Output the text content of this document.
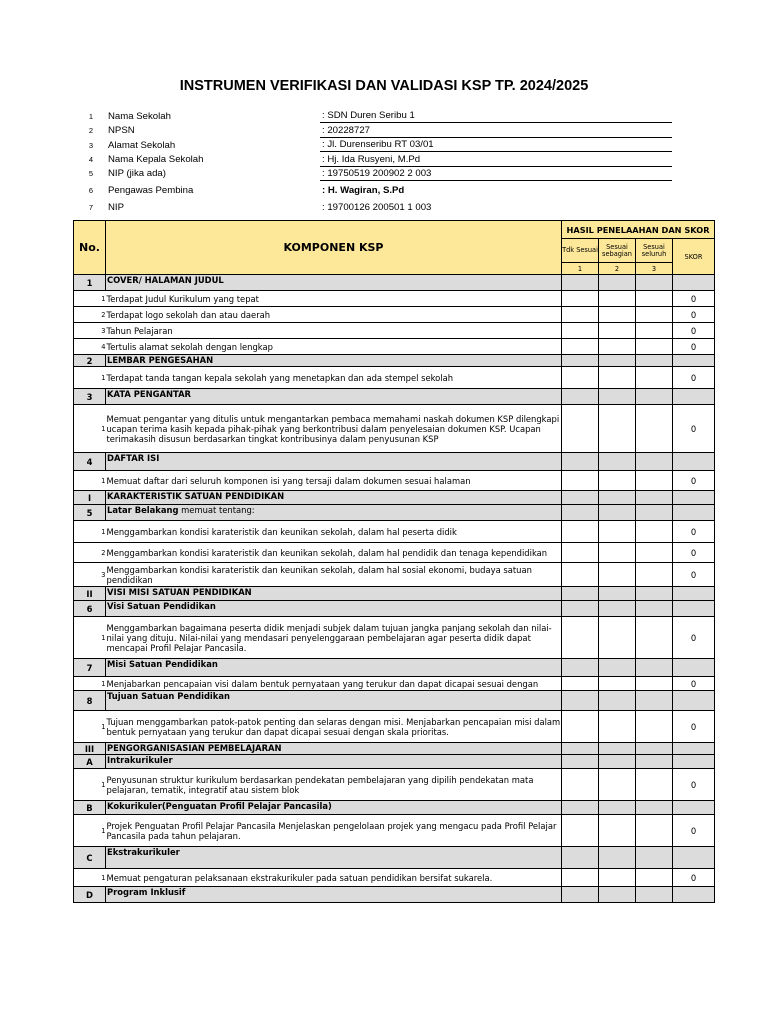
INSTRUMEN VERIFIKASI DAN VALIDASI KSP TP. 2024/2025
1	Nama Sekolah	: SDN Duren Seribu 1
2	NPSN	: 20228727
3	Alamat Sekolah	: Jl. Durenseribu RT 03/01
4	Nama Kepala Sekolah	: Hj. Ida Rusyeni, M.Pd
5	NIP (jika ada)	: 19750519 200902 2 003
6	Pengawas Pembina	: H. Wagiran, S.Pd
7	NIP	: 19700126 200501 1 003
No.	KOMPONEN KSP	HASIL PENELAAHAN DAN SKOR			
		Tdk Sesuai	Sesuai sebagian	Sesuai seluruh	SKOR
		1	2	3	
1	COVER/ HALAMAN JUDUL				
1	Terdapat Judul Kurikulum yang tepat				0
2	Terdapat logo sekolah dan atau daerah				0
3	Tahun Pelajaran				0
4	Tertulis alamat sekolah dengan lengkap				0
2	LEMBAR PENGESAHAN				
1	Terdapat tanda tangan kepala sekolah yang menetapkan dan ada stempel sekolah				0
3	KATA PENGANTAR				
1	Memuat pengantar yang ditulis untuk mengantarkan pembaca memahami naskah dokumen KSP dilengkapi ucapan terima kasih kepada pihak-pihak yang berkontribusi dalam penyelesaian dokumen KSP. Ucapan terimakasih disusun berdasarkan tingkat kontribusinya dalam penyusunan KSP				0
4	DAFTAR ISI				
1	Memuat daftar dari seluruh komponen isi yang tersaji dalam dokumen sesuai halaman				0
I	KARAKTERISTIK SATUAN PENDIDIKAN				
5	Latar Belakang memuat tentang:				
1	Menggambarkan kondisi karateristik dan keunikan sekolah, dalam hal peserta didik				0
2	Menggambarkan kondisi karateristik dan keunikan sekolah, dalam hal pendidik dan tenaga kependidikan				0
3	Menggambarkan kondisi karateristik dan keunikan sekolah, dalam hal sosial ekonomi, budaya satuan pendidikan				0
II	VISI MISI SATUAN PENDIDIKAN				
6	Visi Satuan Pendidikan				
1	Menggambarkan bagaimana peserta didik menjadi subjek dalam tujuan jangka panjang sekolah dan nilai-nilai yang dituju. Nilai-nilai yang mendasari penyelenggaraan pembelajaran agar peserta didik dapat mencapai Profil Pelajar Pancasila.				0
7	Misi Satuan Pendidikan				
1	Menjabarkan pencapaian visi dalam bentuk pernyataan yang terukur dan dapat dicapai sesuai dengan				0
8	Tujuan Satuan Pendidikan				
1	Tujuan menggambarkan patok-patok penting dan selaras dengan misi. Menjabarkan pencapaian misi dalam bentuk pernyataan yang terukur dan dapat dicapai sesuai dengan skala prioritas.				0
III	PENGORGANISASIAN PEMBELAJARAN				
A	Intrakurikuler				
1	Penyusunan struktur kurikulum berdasarkan pendekatan pembelajaran yang dipilih pendekatan mata pelajaran, tematik, integratif atau sistem blok				0
B	Kokurikuler(Penguatan Profil Pelajar Pancasila)				
1	Projek Penguatan Profil Pelajar Pancasila Menjelaskan pengelolaan projek yang mengacu pada Profil Pelajar Pancasila pada tahun pelajaran.				0
C	Ekstrakurikuler				
1	Memuat pengaturan pelaksanaan ekstrakurikuler pada satuan pendidikan bersifat sukarela.				0
D	Program Inklusif				
